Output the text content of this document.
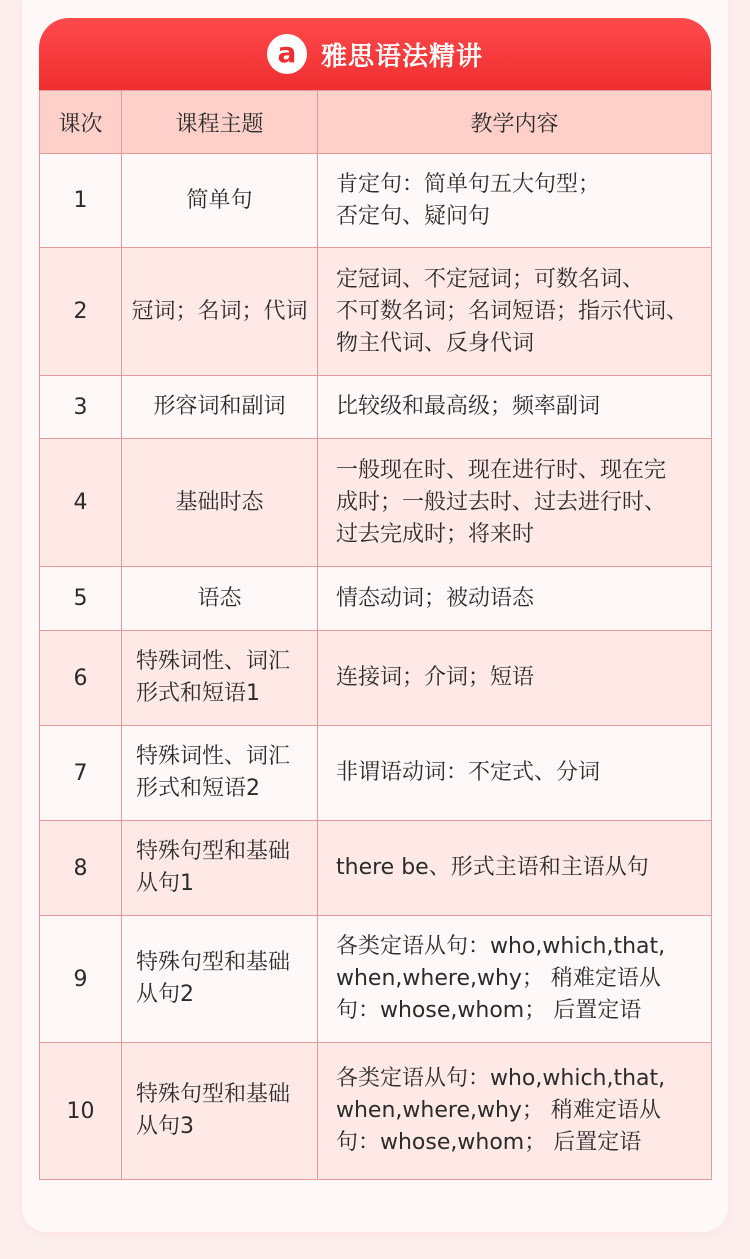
a 雅思语法精讲
课次	课程主题	教学内容
1	简单句	肯定句：简单句五大句型；
否定句、疑问句
2	冠词；名词；代词	定冠词、不定冠词；可数名词、
不可数名词；名词短语；指示代词、
物主代词、反身代词
3	形容词和副词	比较级和最高级；频率副词
4	基础时态	一般现在时、现在进行时、现在完
成时；一般过去时、过去进行时、
过去完成时；将来时
5	语态	情态动词；被动语态
6	特殊词性、词汇
形式和短语1	连接词；介词；短语
7	特殊词性、词汇
形式和短语2	非谓语动词：不定式、分词
8	特殊句型和基础
从句1	there be、形式主语和主语从句
9	特殊句型和基础
从句2	各类定语从句：who,which,that,
when,where,why； 稍难定语从
句：whose,whom； 后置定语
10	特殊句型和基础
从句3	各类定语从句：who,which,that,
when,where,why； 稍难定语从
句：whose,whom； 后置定语
